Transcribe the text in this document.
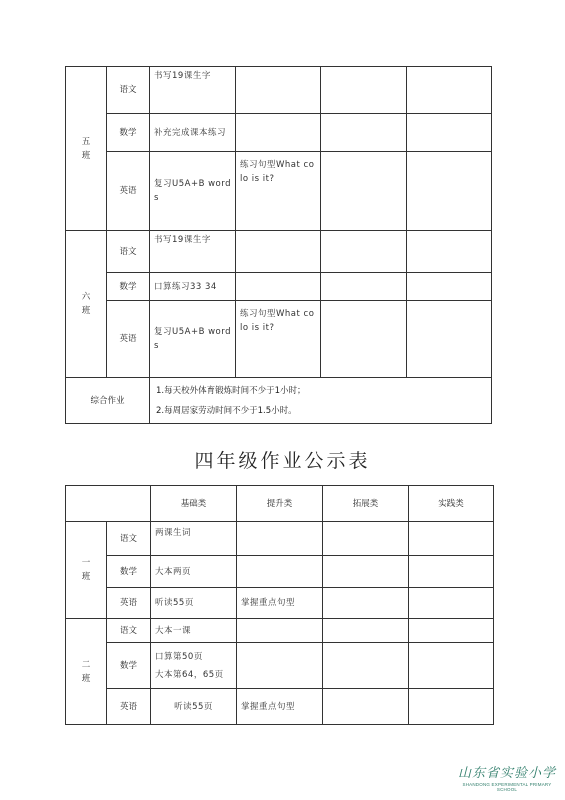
五
班	语文	书写19课生字			
	数学	补充完成课本练习			
	英语	复习U5A+B words	练习句型What colo is it?		
六
班	语文	书写19课生字			
	数学	口算练习33 34			
	英语	复习U5A+B words	练习句型What colo is it?		
综合作业		1.每天校外体育锻炼时间不少于1小时；
2.每周居家劳动时间不少于1.5小时。			
四年级作业公示表
		基础类	提升类	拓展类	实践类
一
班	语文	两课生词			
	数学	大本两页			
	英语	听读55页	掌握重点句型		
二
班	语文	大本一课			
	数学	口算第50页
大本第64，65页			

	英语	听读55页	掌握重点句型		
山东省实验小学
SHANDONG EXPERIMENTAL PRIMARY SCHOOL
